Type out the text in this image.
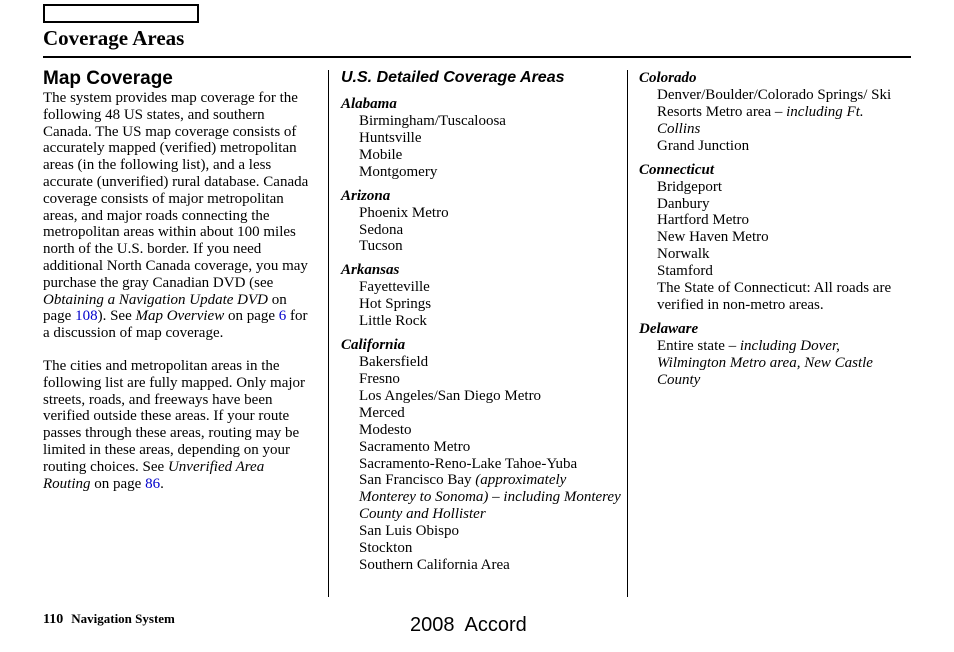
Coverage Areas
Map Coverage

The system provides map coverage for the following 48 US states, and southern Canada. The US map coverage consists of accurately mapped (verified) metropolitan areas (in the following list), and a less accurate (unverified) rural database. Canada coverage consists of major metropolitan areas, and major roads connecting the metropolitan areas within about 100 miles north of the U.S. border. If you need additional North Canada coverage, you may purchase the gray Canadian DVD (see Obtaining a Navigation Update DVD on page 108). See Map Overview on page 6 for a discussion of map coverage.

The cities and metropolitan areas in the following list are fully mapped. Only major streets, roads, and freeways have been verified outside these areas. If your route passes through these areas, routing may be limited in these areas, depending on your routing choices. See Unverified Area Routing on page 86.

U.S. Detailed Coverage Areas
Alabama
Birmingham/Tuscaloosa
Huntsville
Mobile
Montgomery
Arizona
Phoenix Metro
Sedona
Tucson
Arkansas
Fayetteville
Hot Springs
Little Rock
California
Bakersfield
Fresno
Los Angeles/San Diego Metro
Merced
Modesto
Sacramento Metro
Sacramento-Reno-Lake Tahoe-Yuba
San Francisco Bay (approximately Monterey to Sonoma) – including Monterey County and Hollister
San Luis Obispo
Stockton
Southern California Area
Colorado
Denver/Boulder/Colorado Springs/ Ski Resorts Metro area – including Ft. Collins
Grand Junction
Connecticut
Bridgeport
Danbury
Hartford Metro
New Haven Metro
Norwalk
Stamford
The State of Connecticut: All roads are verified in non-metro areas.
Delaware
Entire state – including Dover, Wilmington Metro area, New Castle County
110 Navigation System	2008  Accord
